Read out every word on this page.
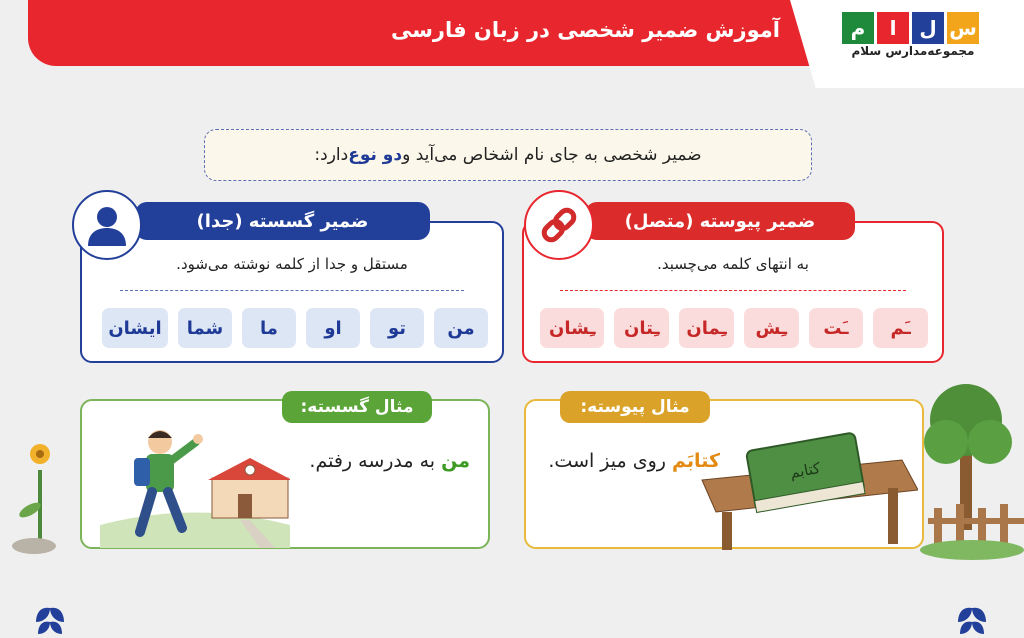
آموزش ضمیر شخصی در زبان فارسی	م	ا	ل س
مجموعه‌مدارس سلام
ضمیر شخصی به جای نام اشخاص می‌آید و
دو نوع
دارد:
ضمیر گسسته (جدا)
مستقل و جدا از کلمه نوشته می‌شود.
من
تو
او
ما
شما
ایشان
ضمیر پیوسته (متصل)
به انتهای کلمه می‌چسبد.
ـَم
ـَت
ـِش
ـِمان
ـِتان
ـِشان
مثال گسسته:
من به مدرسه رفتم.
مثال پیوسته:
کتابَم روی میز است.	کتابم
